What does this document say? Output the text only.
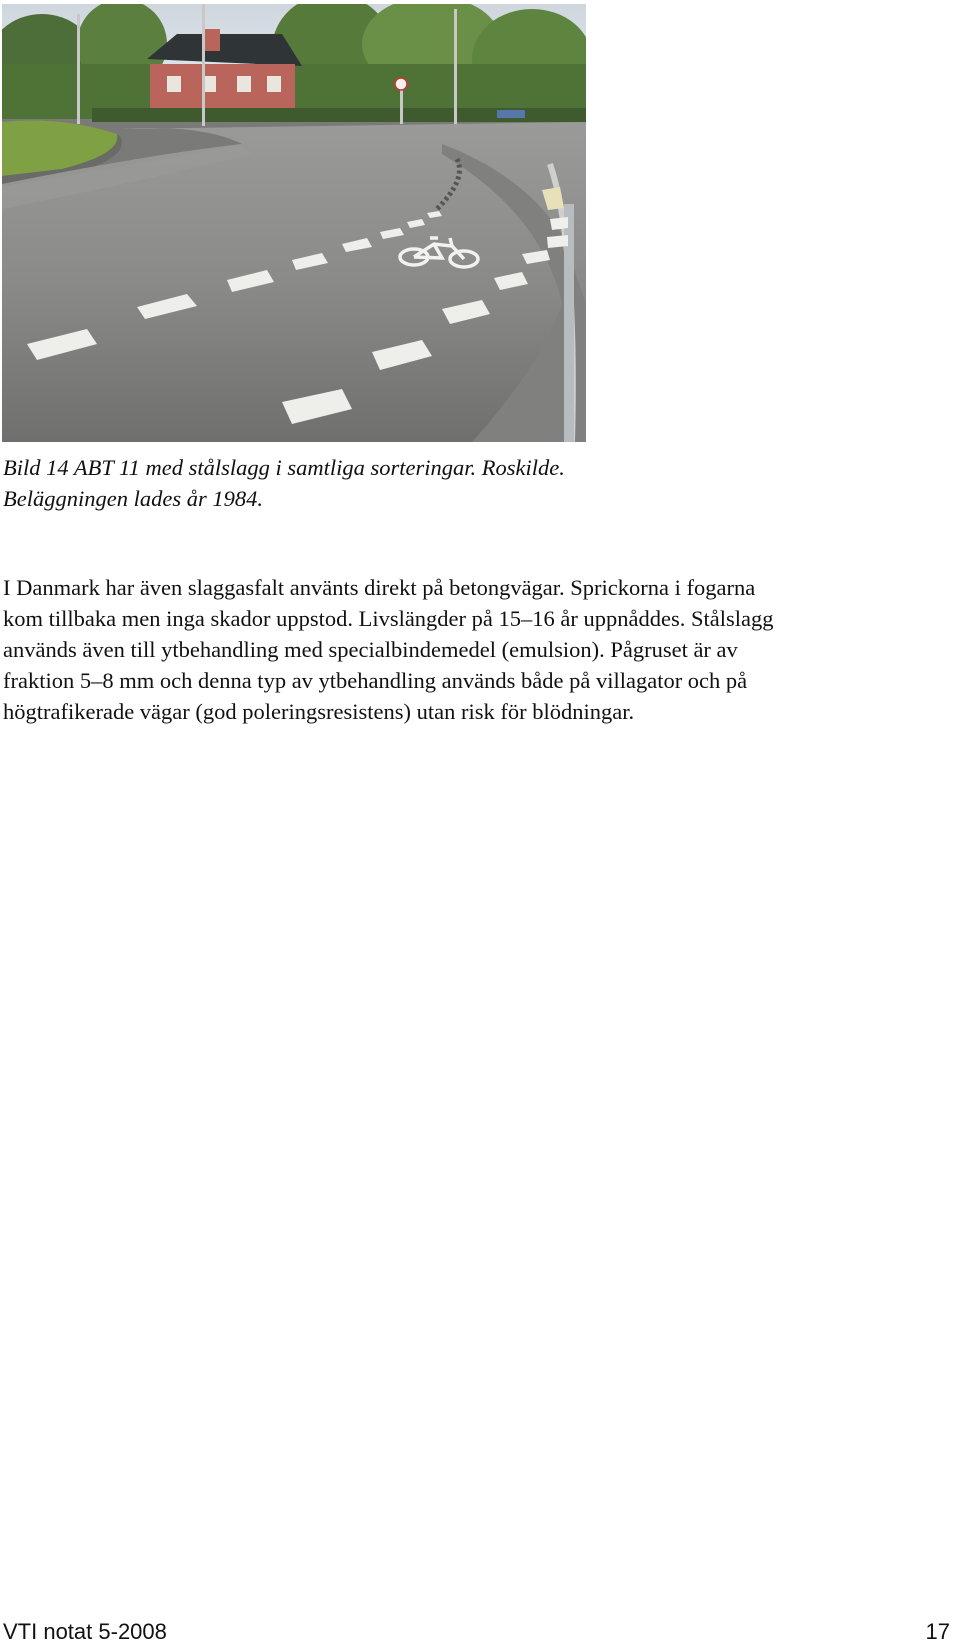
Bild 14 ABT 11 med stålslagg i samtliga sorteringar. Roskilde.
Beläggningen lades år 1984.
I Danmark har även slaggasfalt använts direkt på betongvägar. Sprickorna i fogarna
kom tillbaka men inga skador uppstod. Livslängder på 15–16 år uppnåddes. Stålslagg
används även till ytbehandling med specialbindemedel (emulsion). Pågruset är av
fraktion 5–8 mm och denna typ av ytbehandling används både på villagator och på
högtrafikerade vägar (god poleringsresistens) utan risk för blödningar.
VTI notat 5-2008	17
